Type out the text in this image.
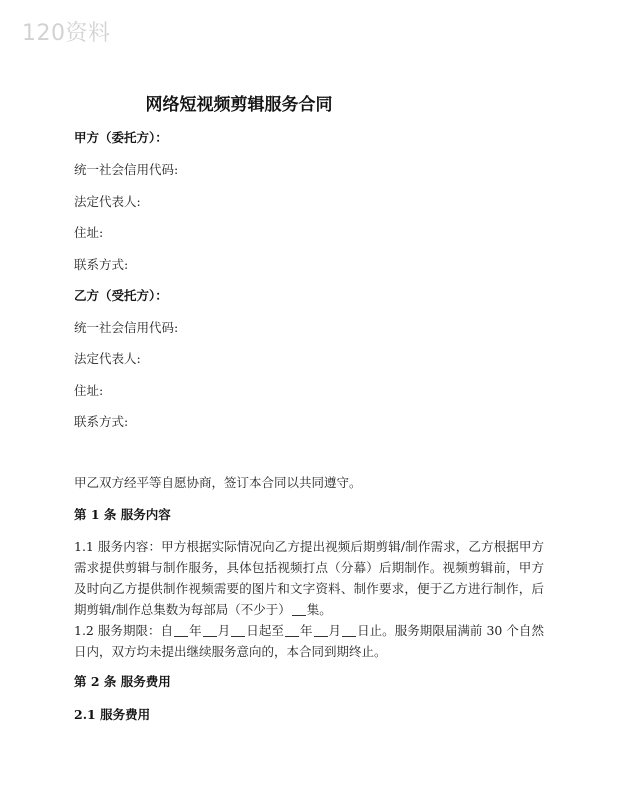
120资料
网络短视频剪辑服务合同
甲方（委托方）：
统一社会信用代码:
法定代表人:
住址:
联系方式:
乙方（受托方）：
统一社会信用代码:
法定代表人:
住址:
联系方式:
甲乙双方经平等自愿协商，签订本合同以共同遵守。
第 1 条 服务内容
1.1 服务内容：甲方根据实际情况向乙方提出视频后期剪辑/制作需求，乙方根据甲方需求提供剪辑与制作服务，具体包括视频打点（分幕）后期制作。视频剪辑前，甲方及时向乙方提供制作视频需要的图片和文字资料、制作要求，便于乙方进行制作，后期剪辑/制作总集数为每部局（不少于） 集。
1.2 服务期限：自 年 月 日起至 年 月 日止。服务期限届满前 30 个自然日内，双方均未提出继续服务意向的，本合同到期终止。
第 2 条 服务费用
2.1 服务费用
